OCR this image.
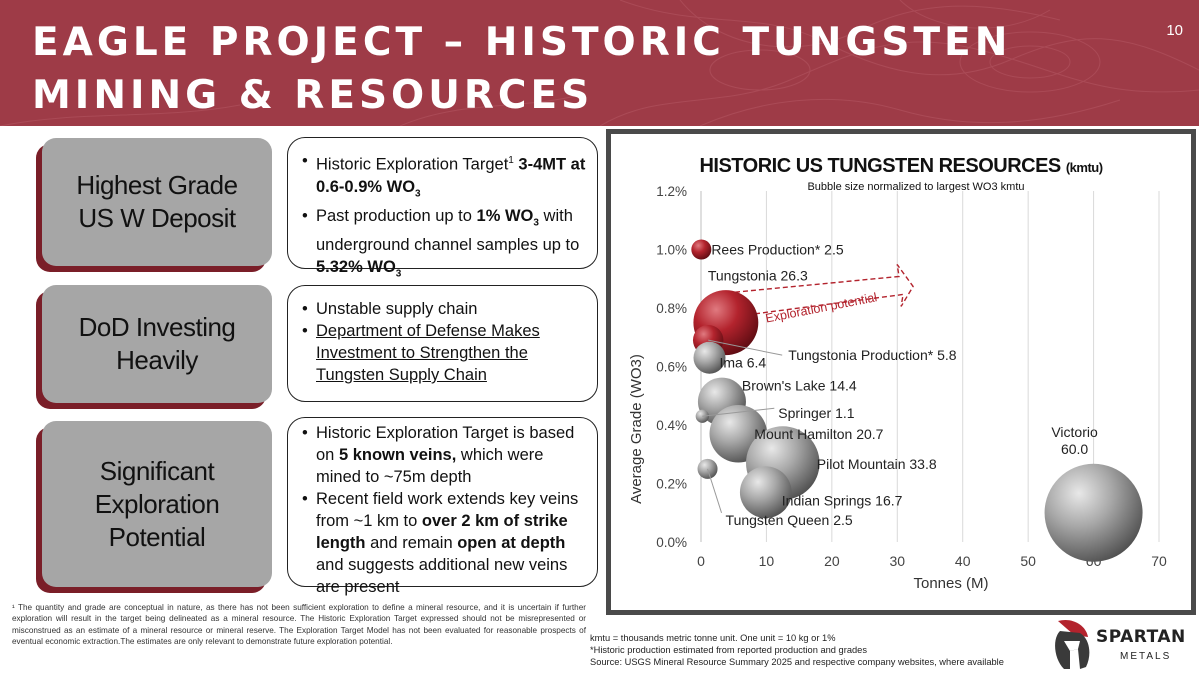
EAGLE PROJECT – HISTORIC TUNGSTEN
MINING & RESOURCES
10
Highest Grade
US W Deposit
• Historic Exploration Target$^1$ 3-4MT at 0.6-0.9% $WO_3$
• Past production up to 1% $WO_3$ with underground channel samples up to 5.32% $WO_3$
DoD Investing
Heavily
• Unstable supply chain
• Department of Defense Makes Investment to Strengthen the Tungsten Supply Chain
Significant
Exploration
Potential
• Historic Exploration Target is based on 5 known veins, which were mined to ~75m depth
• Recent field work extends key veins from ~1 km to over 2 km of strike length and remain open at depth and suggests additional new veins are present
¹ The quantity and grade are conceptual in nature, as there has not been sufficient exploration to define a mineral resource, and it is uncertain if further exploration will result in the target being delineated as a mineral resource. The Historic Exploration Target expressed should not be misrepresented or misconstrued as an estimate of a mineral resource or mineral reserve. The Exploration Target Model has not been evaluated for reasonable prospects of eventual economic extraction.The estimates are only relevant to demonstrate future exploration potential.
0	10	20	30	40	50	70
0.0%
0.2%
0.4%
0.6%
0.8%
1.0%
1.2%
Exploration potential
Rees Production* 2.5
Tungstonia 26.3
Tungstonia Production* 5.8
Ima 6.4
Brown's Lake 14.4
Springer 1.1
Mount Hamilton 20.7
Pilot Mountain 33.8
Indian Springs 16.7
Tungsten Queen 2.5
Victorio
60.0
HISTORIC US TUNGSTEN RESOURCES (kmtu)
Bubble size normalized to largest WO3 kmtu
Tonnes (M)
Average Grade (WO3)
kmtu = thousands metric tonne unit. One unit = 10 kg or 1%
*Historic production estimated from reported production and grades
Source: USGS Mineral Resource Summary 2025 and respective company websites, where available
SPARTAN
METALS
